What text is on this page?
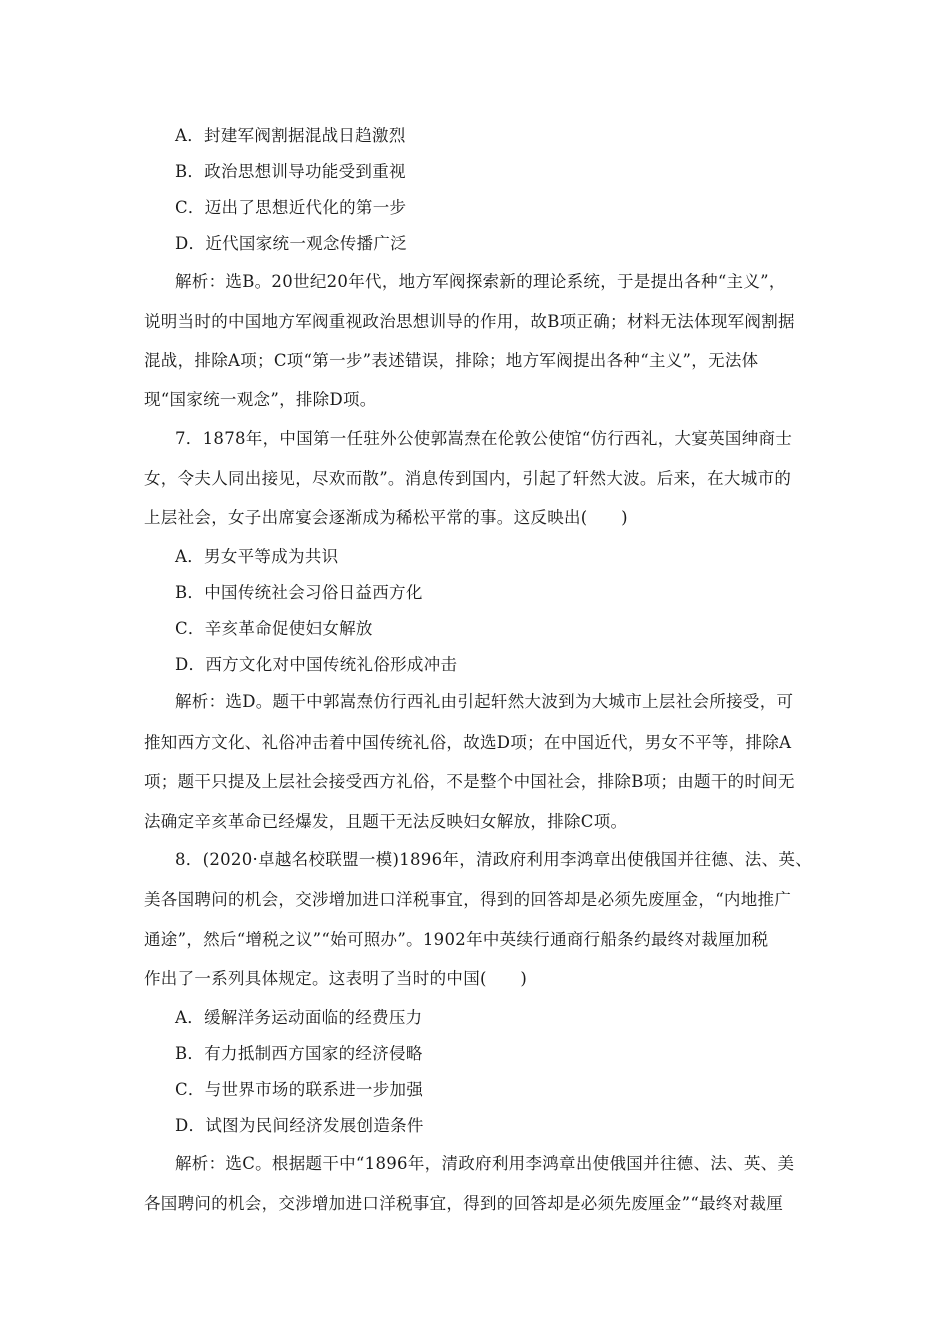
A．封建军阀割据混战日趋激烈
B．政治思想训导功能受到重视
C．迈出了思想近代化的第一步
D．近代国家统一观念传播广泛
解析：选B。20世纪20年代，地方军阀探索新的理论系统，于是提出各种“主义”，
说明当时的中国地方军阀重视政治思想训导的作用，故B项正确；材料无法体现军阀割据
混战，排除A项；C项“第一步”表述错误，排除；地方军阀提出各种“主义”，无法体
现“国家统一观念”，排除D项。
7．1878年，中国第一任驻外公使郭嵩焘在伦敦公使馆“仿行西礼，大宴英国绅商士
女，令夫人同出接见，尽欢而散”。消息传到国内，引起了轩然大波。后来，在大城市的
上层社会，女子出席宴会逐渐成为稀松平常的事。这反映出(　　)
A．男女平等成为共识
B．中国传统社会习俗日益西方化
C．辛亥革命促使妇女解放
D．西方文化对中国传统礼俗形成冲击
解析：选D。题干中郭嵩焘仿行西礼由引起轩然大波到为大城市上层社会所接受，可
推知西方文化、礼俗冲击着中国传统礼俗，故选D项；在中国近代，男女不平等，排除A
项；题干只提及上层社会接受西方礼俗，不是整个中国社会，排除B项；由题干的时间无
法确定辛亥革命已经爆发，且题干无法反映妇女解放，排除C项。
8．(2020·卓越名校联盟一模)1896年，清政府利用李鸿章出使俄国并往德、法、英、
美各国聘问的机会，交涉增加进口洋税事宜，得到的回答却是必须先废厘金，“内地推广
通途”，然后“增税之议”“始可照办”。1902年中英续行通商行船条约最终对裁厘加税
作出了一系列具体规定。这表明了当时的中国(　　)
A．缓解洋务运动面临的经费压力
B．有力抵制西方国家的经济侵略
C．与世界市场的联系进一步加强
D．试图为民间经济发展创造条件
解析：选C。根据题干中“1896年，清政府利用李鸿章出使俄国并往德、法、英、美
各国聘问的机会，交涉增加进口洋税事宜，得到的回答却是必须先废厘金”“最终对裁厘
